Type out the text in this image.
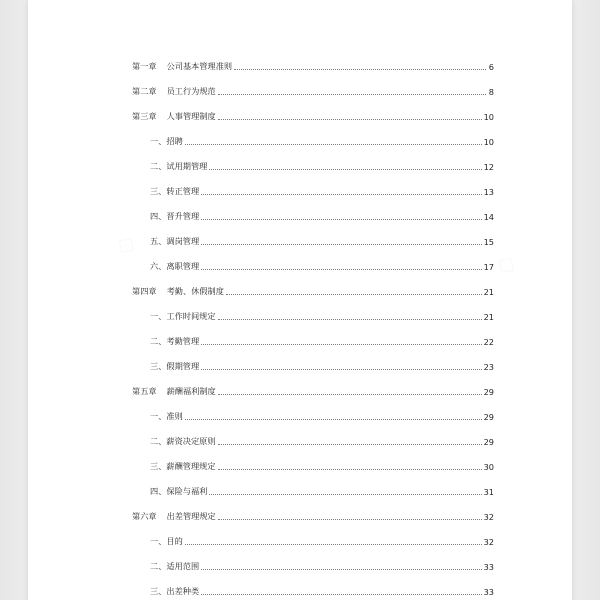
第一章 公司基本管理准则	6
第二章 员工行为规范	8
第三章 人事管理制度	10
一、招聘	10
二、试用期管理	12
三、转正管理	13
四、晋升管理	14
五、调岗管理	15
六、离职管理	17
第四章 考勤、休假制度	21
一、工作时间规定	21
二、考勤管理	22
三、假期管理	23
第五章 薪酬福利制度	29
一、准则	29
二、薪资决定原则	29
三、薪酬管理规定	30
四、保险与福利	31
第六章 出差管理规定	32
一、目的	32
二、适用范围	33
三、出差种类	33
